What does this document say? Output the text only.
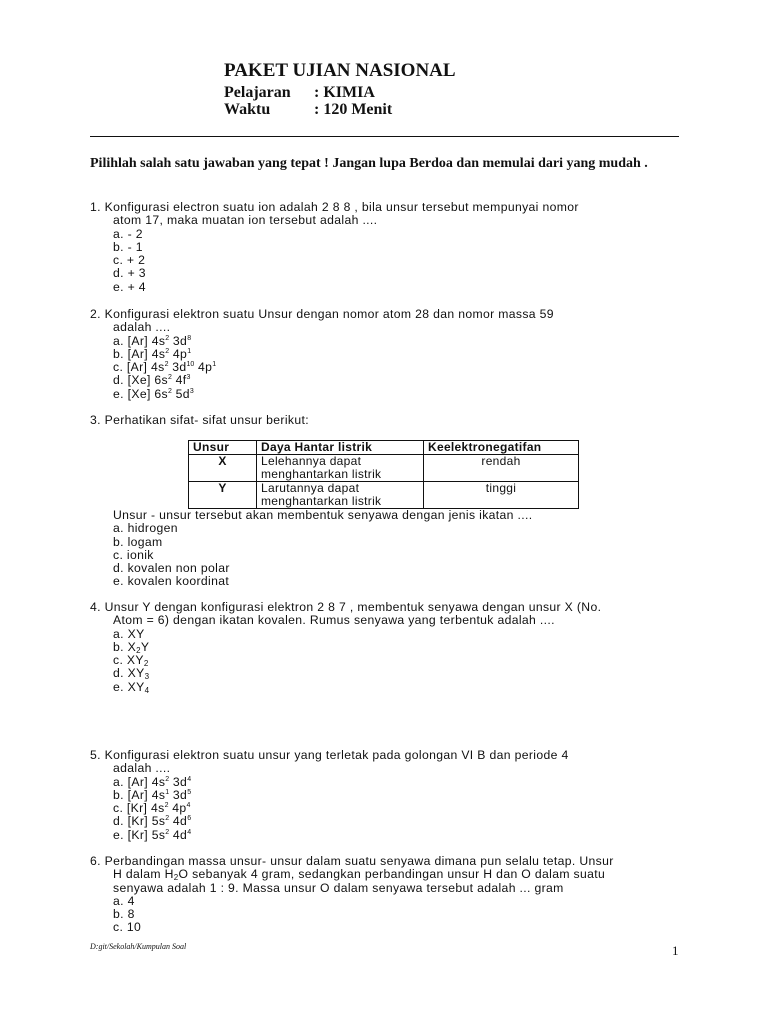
PAKET UJIAN NASIONAL
Pelajaran : KIMIA
Waktu	: 120 Menit
Pilihlah salah satu jawaban yang tepat ! Jangan lupa Berdoa dan memulai dari yang mudah .
1. Konfigurasi electron suatu ion adalah 2 8 8 , bila unsur tersebut mempunyai nomor
atom 17, maka muatan ion tersebut adalah ....
a. - 2
b. - 1
c. + 2
d. + 3
e. + 4
2. Konfigurasi elektron suatu Unsur dengan nomor atom 28 dan nomor massa 59
adalah ....
a. [Ar] $4s^2$ $3d^8$
b. [Ar] $4s^2$ $4p^1$
c. [Ar] $4s^2$ $3d^{10}$ $4p^1$
d. [Xe] $6s^2$ $4f^3$
e. [Xe] $6s^2$ $5d^3$
3. Perhatikan sifat- sifat unsur berikut:
Unsur	Daya Hantar listrik	Keelektronegatifan
X	Lelehannya dapat menghantarkan listrik	rendah
Y	Larutannya dapat menghantarkan listrik	tinggi
Unsur - unsur tersebut akan membentuk senyawa dengan jenis ikatan ....
a. hidrogen
b. logam
c. ionik
d. kovalen non polar
e. kovalen koordinat
4. Unsur Y dengan konfigurasi elektron 2 8 7 , membentuk senyawa dengan unsur X (No.
Atom = 6) dengan ikatan kovalen. Rumus senyawa yang terbentuk adalah ....
a. XY
b. $X_2Y$
c. $XY_2$
d. $XY_3$
e. $XY_4$
5. Konfigurasi elektron suatu unsur yang terletak pada golongan VI B dan periode 4
adalah ....
a. [Ar] $4s^2$ $3d^4$
b. [Ar] $4s^1$ $3d^5$
c. [Kr] $4s^2$ $4p^4$
d. [Kr] $5s^2$ $4d^6$
e. [Kr] $5s^2$ $4d^4$
6. Perbandingan massa unsur- unsur dalam suatu senyawa dimana pun selalu tetap. Unsur
H dalam $H_2O$ sebanyak 4 gram, sedangkan perbandingan unsur H dan O dalam suatu
senyawa adalah 1 : 9. Massa unsur O dalam senyawa tersebut adalah ... gram
a. 4
b. 8
c. 10
D:git/Sekolah/Kumpulan Soal	1
